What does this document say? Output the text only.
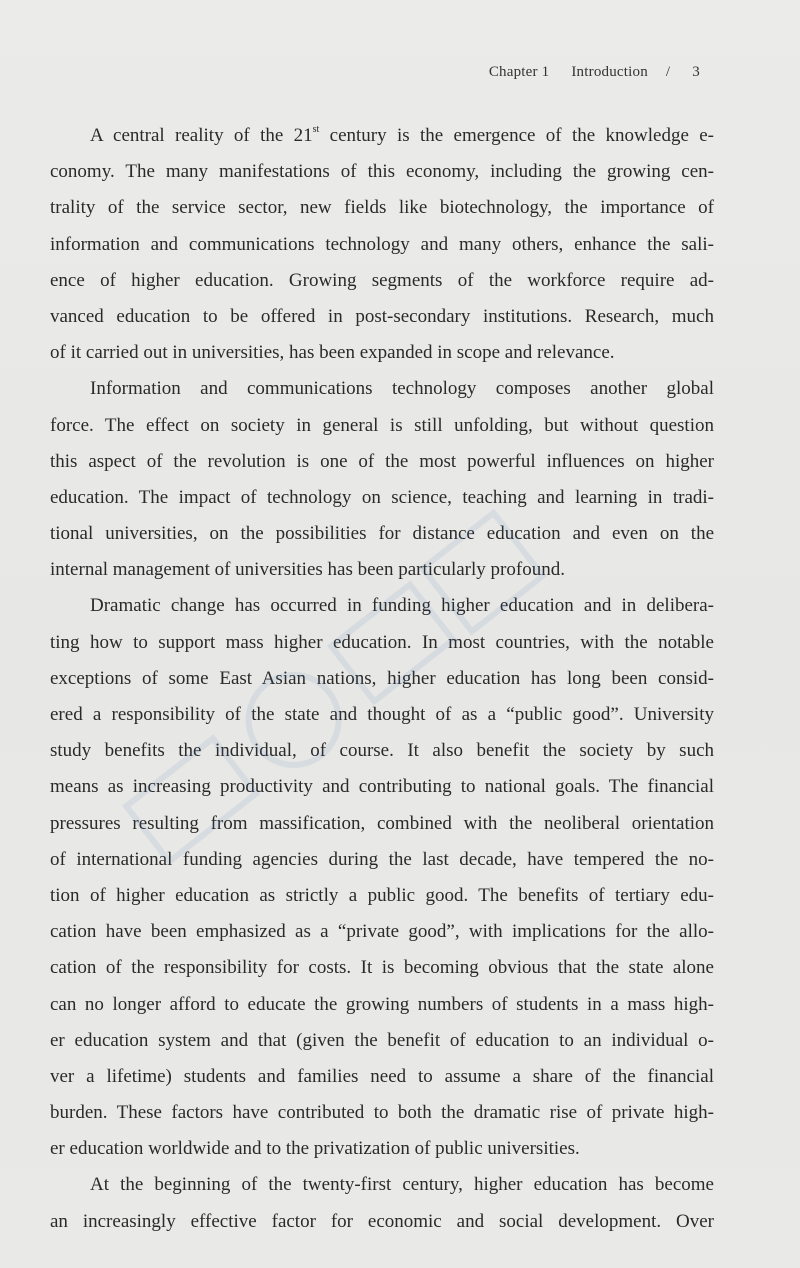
Chapter 1 Introduction / 3
A central reality of the 21st century is the emergence of the knowledge e-
conomy. The many manifestations of this economy, including the growing cen-
trality of the service sector, new fields like biotechnology, the importance of
information and communications technology and many others, enhance the sali-
ence of higher education. Growing segments of the workforce require ad-
vanced education to be offered in post-secondary institutions. Research, much
of it carried out in universities, has been expanded in scope and relevance.
Information and communications technology composes another global
force. The effect on society in general is still unfolding, but without question
this aspect of the revolution is one of the most powerful influences on higher
education. The impact of technology on science, teaching and learning in tradi-
tional universities, on the possibilities for distance education and even on the
internal management of universities has been particularly profound.
Dramatic change has occurred in funding higher education and in delibera-
ting how to support mass higher education. In most countries, with the notable
exceptions of some East Asian nations, higher education has long been consid-
ered a responsibility of the state and thought of as a “public good”. University
study benefits the individual, of course. It also benefit the society by such
means as increasing productivity and contributing to national goals. The financial
pressures resulting from massification, combined with the neoliberal orientation
of international funding agencies during the last decade, have tempered the no-
tion of higher education as strictly a public good. The benefits of tertiary edu-
cation have been emphasized as a “private good”, with implications for the allo-
cation of the responsibility for costs. It is becoming obvious that the state alone
can no longer afford to educate the growing numbers of students in a mass high-
er education system and that (given the benefit of education to an individual o-
ver a lifetime) students and families need to assume a share of the financial
burden. These factors have contributed to both the dramatic rise of private high-
er education worldwide and to the privatization of public universities.
At the beginning of the twenty-first century, higher education has become
an increasingly effective factor for economic and social development. Over
